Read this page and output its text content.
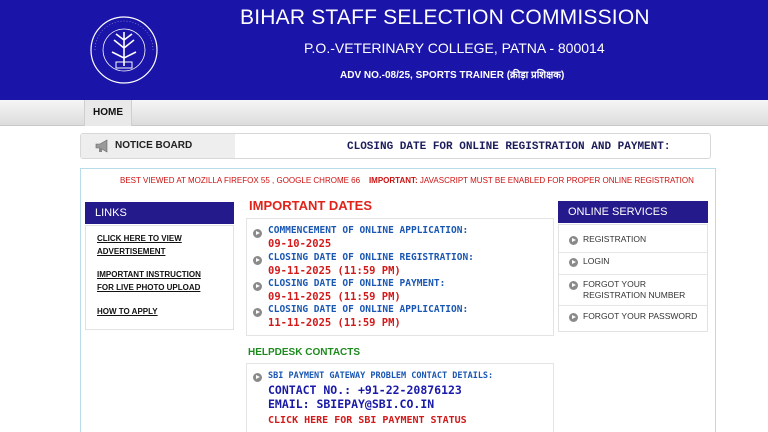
BIHAR STAFF SELECTION COMMISSION
P.O.-VETERINARY COLLEGE, PATNA - 800014
ADV NO.-08/25, SPORTS TRAINER (क्रीड़ा प्रशिक्षक)
HOME
NOTICE BOARD	CLOSING DATE FOR ONLINE REGISTRATION AND PAYMENT:
BEST VIEWED AT MOZILLA FIREFOX 55 , GOOGLE CHROME 66 IMPORTANT: JAVASCRIPT MUST BE ENABLED FOR PROPER ONLINE REGISTRATION
LINKS
CLICK HERE TO VIEW
ADVERTISEMENT
IMPORTANT INSTRUCTION
FOR LIVE PHOTO UPLOAD
HOW TO APPLY
IMPORTANT DATES
COMMENCEMENT OF ONLINE APPLICATION:
09-10-2025
CLOSING DATE OF ONLINE REGISTRATION:
09-11-2025 (11:59 PM)
CLOSING DATE OF ONLINE PAYMENT:
09-11-2025 (11:59 PM)
CLOSING DATE OF ONLINE APPLICATION:
11-11-2025 (11:59 PM)
ONLINE SERVICES
REGISTRATION
LOGIN
FORGOT YOUR
REGISTRATION NUMBER
FORGOT YOUR PASSWORD
HELPDESK CONTACTS
SBI PAYMENT GATEWAY PROBLEM CONTACT DETAILS:
CONTACT NO.: +91-22-20876123
EMAIL: SBIEPAY@SBI.CO.IN
CLICK HERE FOR SBI PAYMENT STATUS
